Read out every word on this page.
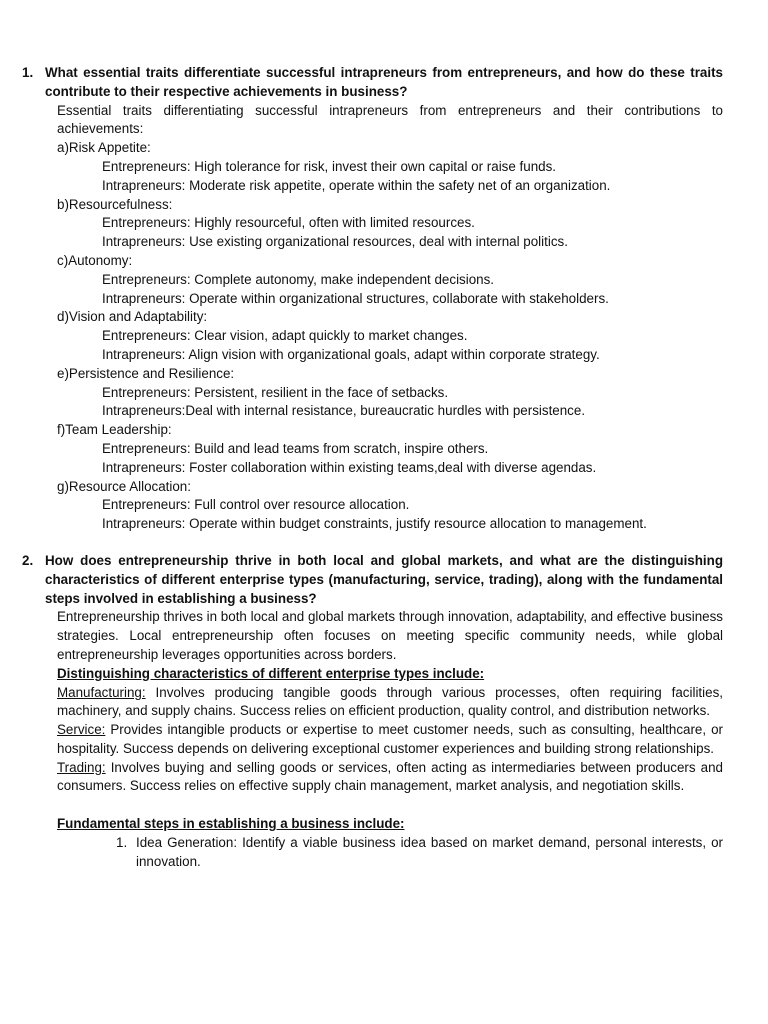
1. What essential traits differentiate successful intrapreneurs from entrepreneurs, and how do these traits contribute to their respective achievements in business?
Essential traits differentiating successful intrapreneurs from entrepreneurs and their contributions to achievements:
a)Risk Appetite:
Entrepreneurs: High tolerance for risk, invest their own capital or raise funds.
Intrapreneurs: Moderate risk appetite, operate within the safety net of an organization.
b)Resourcefulness:
Entrepreneurs: Highly resourceful, often with limited resources.
Intrapreneurs: Use existing organizational resources, deal with internal politics.
c)Autonomy:
Entrepreneurs: Complete autonomy, make independent decisions.
Intrapreneurs: Operate within organizational structures, collaborate with stakeholders.
d)Vision and Adaptability:
Entrepreneurs: Clear vision, adapt quickly to market changes.
Intrapreneurs: Align vision with organizational goals, adapt within corporate strategy.
e)Persistence and Resilience:
Entrepreneurs: Persistent, resilient in the face of setbacks.
Intrapreneurs:Deal with internal resistance, bureaucratic hurdles with persistence.
f)Team Leadership:
Entrepreneurs: Build and lead teams from scratch, inspire others.
Intrapreneurs: Foster collaboration within existing teams,deal with diverse agendas.
g)Resource Allocation:
Entrepreneurs: Full control over resource allocation.
Intrapreneurs: Operate within budget constraints, justify resource allocation to management.
2. How does entrepreneurship thrive in both local and global markets, and what are the distinguishing characteristics of different enterprise types (manufacturing, service, trading), along with the fundamental steps involved in establishing a business?
Entrepreneurship thrives in both local and global markets through innovation, adaptability, and effective business strategies. Local entrepreneurship often focuses on meeting specific community needs, while global entrepreneurship leverages opportunities across borders.
Distinguishing characteristics of different enterprise types include:
Manufacturing: Involves producing tangible goods through various processes, often requiring facilities, machinery, and supply chains. Success relies on efficient production, quality control, and distribution networks.
Service: Provides intangible products or expertise to meet customer needs, such as consulting, healthcare, or hospitality. Success depends on delivering exceptional customer experiences and building strong relationships.
Trading: Involves buying and selling goods or services, often acting as intermediaries between producers and consumers. Success relies on effective supply chain management, market analysis, and negotiation skills.
Fundamental steps in establishing a business include:
1. Idea Generation: Identify a viable business idea based on market demand, personal interests, or innovation.
